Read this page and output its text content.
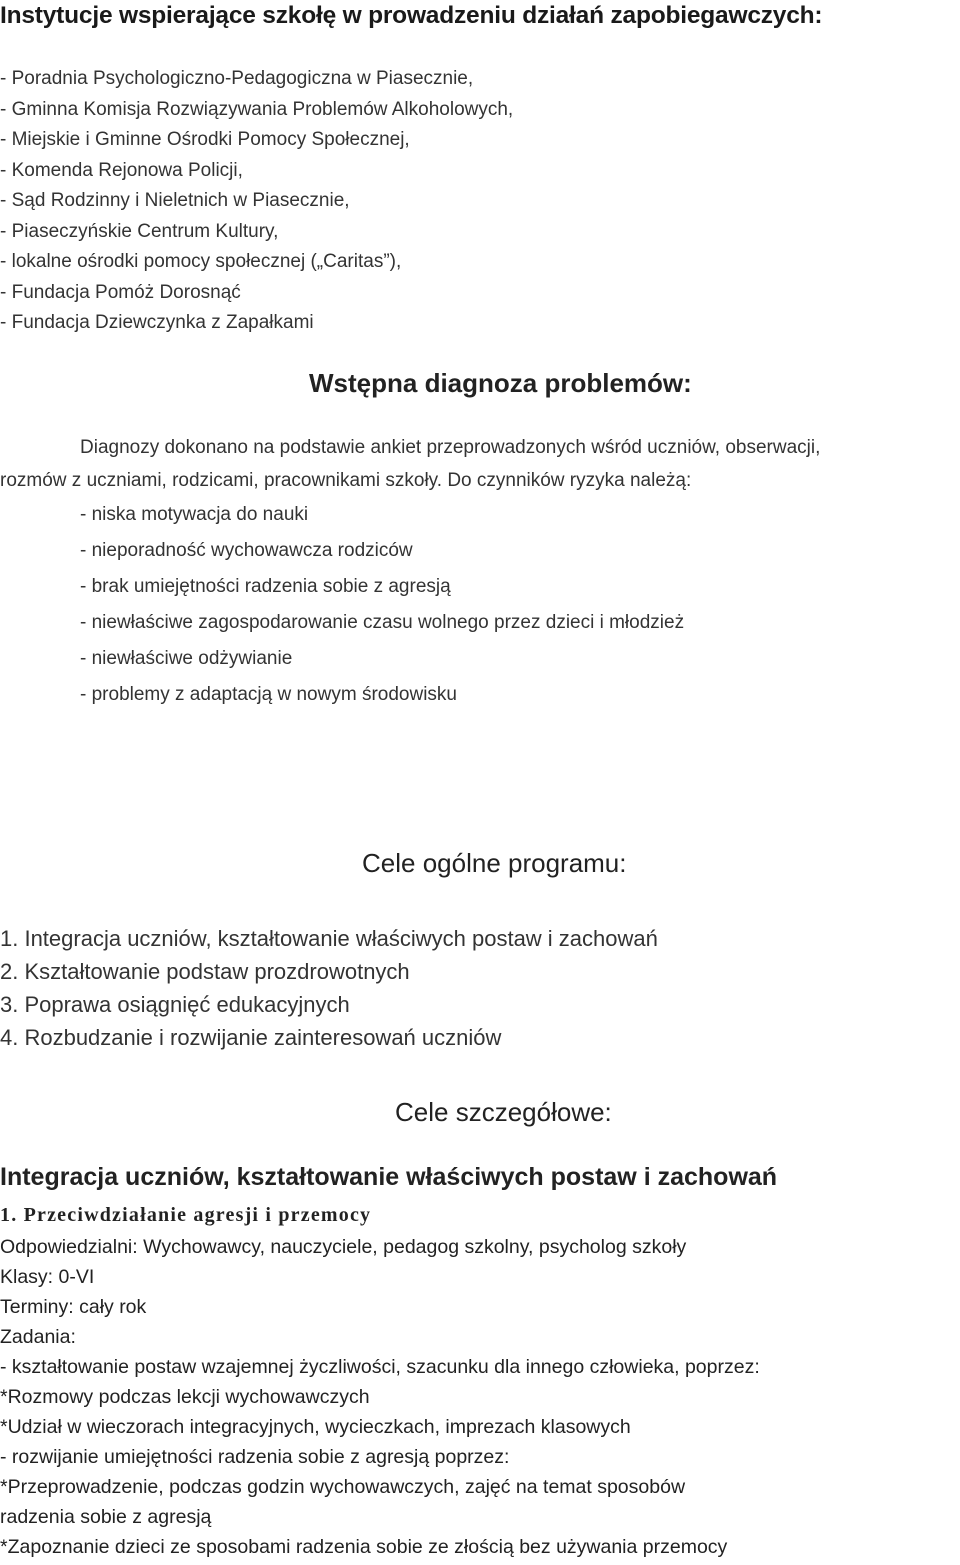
Instytucje wspierające szkołę w prowadzeniu działań zapobiegawczych:
- Poradnia Psychologiczno-Pedagogiczna w Piasecznie,
- Gminna Komisja Rozwiązywania Problemów Alkoholowych,
- Miejskie i Gminne Ośrodki Pomocy Społecznej,
- Komenda Rejonowa Policji,
- Sąd Rodzinny i Nieletnich w Piasecznie,
- Piaseczyńskie Centrum Kultury,
- lokalne ośrodki pomocy społecznej („Caritas”),
- Fundacja Pomóż Dorosnąć
- Fundacja Dziewczynka z Zapałkami
Wstępna diagnoza problemów:

Diagnozy dokonano na podstawie ankiet przeprowadzonych wśród uczniów, obserwacji,

rozmów z uczniami, rodzicami, pracownikami szkoły. Do czynników ryzyka należą:

- niska motywacja do nauki
- nieporadność wychowawcza rodziców
- brak umiejętności radzenia sobie z agresją
- niewłaściwe zagospodarowanie czasu wolnego przez dzieci i młodzież
- niewłaściwe odżywianie
- problemy z adaptacją w nowym środowisku
Cele ogólne programu:
1. Integracja uczniów, kształtowanie właściwych postaw i zachowań
2. Kształtowanie podstaw prozdrowotnych
3. Poprawa osiągnięć edukacyjnych
4. Rozbudzanie i rozwijanie zainteresowań uczniów
Cele szczegółowe:
Integracja uczniów, kształtowanie właściwych postaw i zachowań
1. Przeciwdziałanie agresji i przemocy
Odpowiedzialni: Wychowawcy, nauczyciele, pedagog szkolny, psycholog szkoły
Klasy: 0-VI
Terminy: cały rok
Zadania:
- kształtowanie postaw wzajemnej życzliwości, szacunku dla innego człowieka, poprzez:
*Rozmowy podczas lekcji wychowawczych
*Udział w wieczorach integracyjnych, wycieczkach, imprezach klasowych
- rozwijanie umiejętności radzenia sobie z agresją poprzez:
*Przeprowadzenie, podczas godzin wychowawczych, zajęć na temat sposobów
radzenia sobie z agresją
*Zapoznanie dzieci ze sposobami radzenia sobie ze złością bez używania przemocy
